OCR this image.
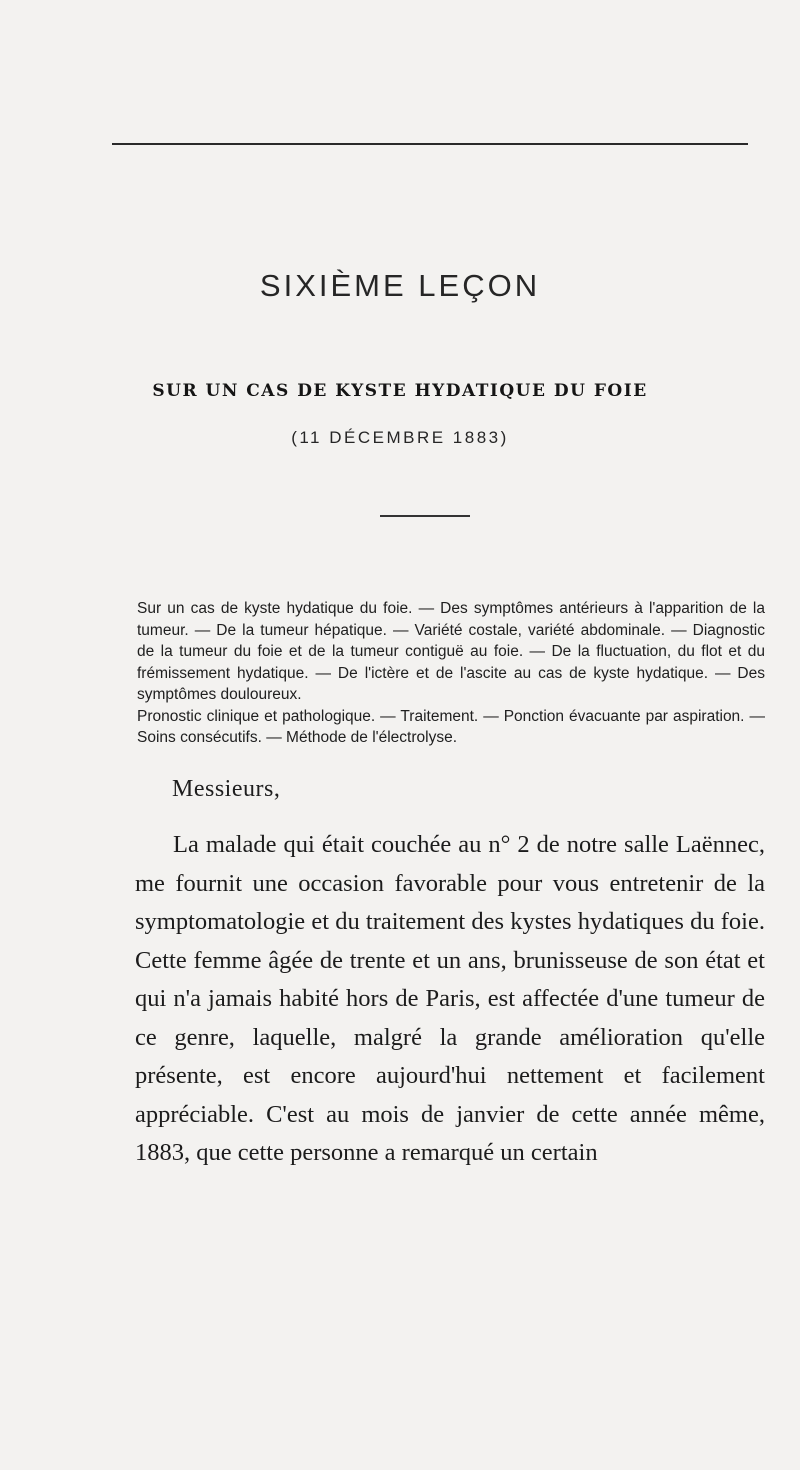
SIXIÈME LEÇON
SUR UN CAS DE KYSTE HYDATIQUE DU FOIE
(11 DÉCEMBRE 1883)

Sur un cas de kyste hydatique du foie. — Des symptômes antérieurs à l'apparition de la tumeur. — De la tumeur hépatique. — Variété costale, variété abdominale. — Diagnostic de la tumeur du foie et de la tumeur contiguë au foie. — De la fluctuation, du flot et du frémissement hydatique. — De l'ictère et de l'ascite au cas de kyste hydatique. — Des symptômes douloureux.

Pronostic clinique et pathologique. — Traitement. — Ponction évacuante par aspiration. — Soins consécutifs. — Méthode de l'électrolyse.

Messieurs,

La malade qui était couchée au n° 2 de notre salle Laënnec, me fournit une occasion favorable pour vous entretenir de la symptomatologie et du traitement des kystes hydatiques du foie. Cette femme âgée de trente et un ans, brunisseuse de son état et qui n'a jamais habité hors de Paris, est affectée d'une tumeur de ce genre, laquelle, malgré la grande amélioration qu'elle présente, est encore aujourd'hui nettement et facilement appréciable. C'est au mois de janvier de cette année même, 1883, que cette personne a remarqué un certain
